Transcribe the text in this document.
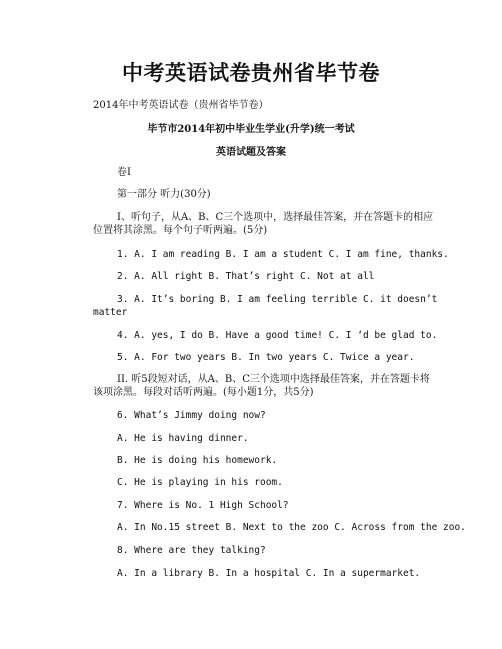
中考英语试卷贵州省毕节卷
2014年中考英语试卷（贵州省毕节卷）
毕节市2014年初中毕业生学业(升学)统一考试
英语试题及答案
卷I
第一部分 听力(30分)
I、听句子，从A、B、C三个选项中，选择最佳答案，并在答题卡的相应
位置将其涂黑。每个句子听两遍。(5分)
1. A. I am reading B. I am a student C. I am fine, thanks.
2. A. All right B. That’s right C. Not at all
3. A. It’s boring B. I am feeling terrible C. it doesn’t
matter
4. A. yes, I do B. Have a good time! C. I ‘d be glad to.
5. A. For two years B. In two years C. Twice a year.
II. 听5段短对话，从A、B、C三个选项中选择最佳答案，并在答题卡将
该项涂黑。每段对话听两遍。(每小题1分，共5分)
6. What’s Jimmy doing now?
A. He is having dinner.
B. He is doing his homework.
C. He is playing in his room.
7. Where is No. 1 High School?
A. In No.15 street B. Next to the zoo C. Across from the zoo.
8. Where are they talking?
A. In a library B. In a hospital C. In a supermarket.
